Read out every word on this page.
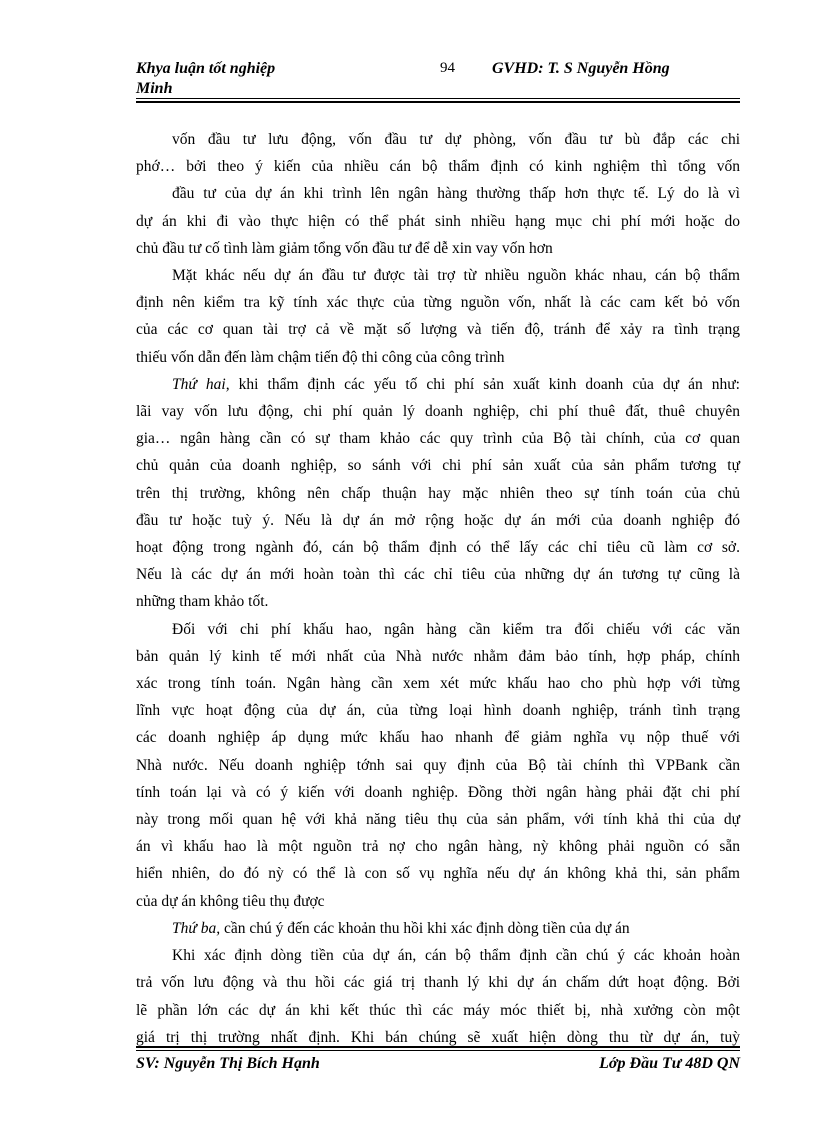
Khya luận tốt nghiệp
Minh
94 GVHD: T. S Nguyễn Hồng
vốn đầu tư lưu động, vốn đầu tư dự phòng, vốn đầu tư bù đắp các chi
phớ… bởi theo ý kiến của nhiều cán bộ thẩm định có kinh nghiệm thì tổng vốn
đầu tư của dự án khi trình lên ngân hàng thường thấp hơn thực tế. Lý do là vì
dự án khi đi vào thực hiện có thể phát sinh nhiều hạng mục chi phí mới hoặc do
chủ đầu tư cố tình làm giảm tổng vốn đầu tư để dễ xin vay vốn hơn
Mặt khác nếu dự án đầu tư được tài trợ từ nhiều nguồn khác nhau, cán bộ thẩm
định nên kiểm tra kỹ tính xác thực của từng nguồn vốn, nhất là các cam kết bỏ vốn
của các cơ quan tài trợ cả về mặt số lượng và tiến độ, tránh để xảy ra tình trạng
thiếu vốn dẫn đến làm chậm tiến độ thi công của công trình
Thứ hai, khi thẩm định các yếu tố chi phí sản xuất kinh doanh của dự án như:
lãi vay vốn lưu động, chi phí quản lý doanh nghiệp, chi phí thuê đất, thuê chuyên
gia… ngân hàng cần có sự tham khảo các quy trình của Bộ tài chính, của cơ quan
chủ quản của doanh nghiệp, so sánh với chi phí sản xuất của sản phẩm tương tự
trên thị trường, không nên chấp thuận hay mặc nhiên theo sự tính toán của chủ
đầu tư hoặc tuỳ ý. Nếu là dự án mở rộng hoặc dự án mới của doanh nghiệp đó
hoạt động trong ngành đó, cán bộ thẩm định có thể lấy các chỉ tiêu cũ làm cơ sở.
Nếu là các dự án mới hoàn toàn thì các chỉ tiêu của những dự án tương tự cũng là
những tham khảo tốt.
Đối với chi phí khấu hao, ngân hàng cần kiểm tra đối chiếu với các văn
bản quản lý kinh tế mới nhất của Nhà nước nhằm đảm bảo tính, hợp pháp, chính
xác trong tính toán. Ngân hàng cần xem xét mức khấu hao cho phù hợp với từng
lĩnh vực hoạt động của dự án, của từng loại hình doanh nghiệp, tránh tình trạng
các doanh nghiệp áp dụng mức khấu hao nhanh để giảm nghĩa vụ nộp thuế với
Nhà nước. Nếu doanh nghiệp tớnh sai quy định của Bộ tài chính thì VPBank cần
tính toán lại và có ý kiến với doanh nghiệp. Đồng thời ngân hàng phải đặt chi phí
này trong mối quan hệ với khả năng tiêu thụ của sản phẩm, với tính khả thi của dự
án vì khấu hao là một nguồn trả nợ cho ngân hàng, nỳ không phải nguồn có sẵn
hiển nhiên, do đó nỳ có thể là con số vụ nghĩa nếu dự án không khả thi, sản phẩm
của dự án không tiêu thụ được
Thứ ba, cần chú ý đến các khoản thu hồi khi xác định dòng tiền của dự án
Khi xác định dòng tiền của dự án, cán bộ thẩm định cần chú ý các khoản hoàn
trả vốn lưu động và thu hồi các giá trị thanh lý khi dự án chấm dứt hoạt động. Bởi
lẽ phần lớn các dự án khi kết thúc thì các máy móc thiết bị, nhà xưởng còn một
giá trị thị trường nhất định. Khi bán chúng sẽ xuất hiện dòng thu từ dự án, tuỳ
SV: Nguyễn Thị Bích Hạnh	Lớp Đầu Tư 48D QN
